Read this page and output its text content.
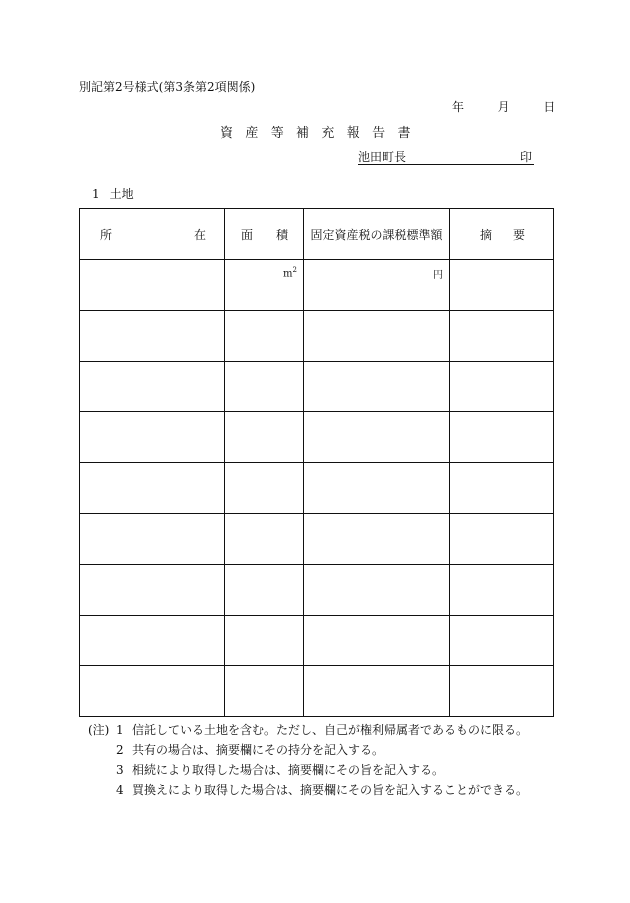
別記第2号様式(第3条第2項関係)
年	月	日
資産等補充報告書
池田町長	印
1 土地
所 在	面 積	固定資産税の課税標準額	摘 要

	$m^2$	円	

(注) 1 信託している土地を含む。ただし、自己が権利帰属者であるものに限る。
2 共有の場合は、摘要欄にその持分を記入する。
3 相続により取得した場合は、摘要欄にその旨を記入する。
4 買換えにより取得した場合は、摘要欄にその旨を記入することができる。
